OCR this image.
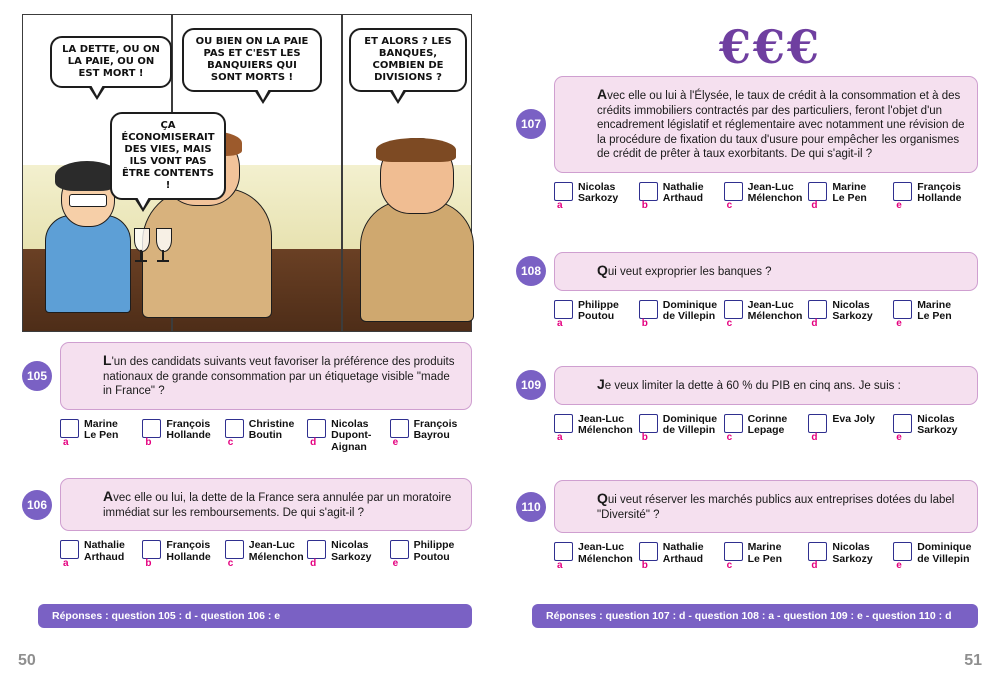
LA DETTE, OU ON LA PAIE, OU ON EST MORT !
ÇA ÉCONOMISERAIT DES VIES, MAIS ILS VONT PAS ÊTRE CONTENTS !
OU BIEN ON LA PAIE PAS ET C'EST LES BANQUIERS QUI SONT MORTS !
ET ALORS ? LES BANQUES, COMBIEN DE DIVISIONS ?
€€€
105
L'un des candidats suivants veut favoriser la préférence des produits nationaux de grande consommation par un étiquetage visible "made in France" ?
a
Marine
Le Pen
b
François
Hollande
c
Christine
Boutin
d
Nicolas
Dupont-Aignan	e
François
Bayrou
106
Avec elle ou lui, la dette de la France sera annulée par un moratoire immédiat sur les remboursements. De qui s'agit-il ?
a
Nathalie
Arthaud
b
François
Hollande
c
Jean-Luc
Mélenchon
d
Nicolas
Sarkozy
e
Philippe
Poutou
Réponses : question 105 : d - question 106 : e
50
107
Avec elle ou lui à l'Élysée, le taux de crédit à la consommation et à des crédits immobiliers contractés par des particuliers, feront l'objet d'un encadrement législatif et réglementaire avec notamment une révision de la procédure de fixation du taux d'usure pour empêcher les organismes de crédit de prêter à taux exorbitants. De qui s'agit-il ?
a
Nicolas
Sarkozy
b
Nathalie
Arthaud
c
Jean-Luc
Mélenchon
d
Marine
Le Pen
e
François
Hollande
108	Qui veut exproprier les banques ?
a
Philippe
Poutou
b
Dominique
de Villepin
c
Jean-Luc
Mélenchon
d
Nicolas
Sarkozy
e
Marine
Le Pen
109	Je veux limiter la dette à 60 % du PIB en cinq ans. Je suis :
a
Jean-Luc
Mélenchon
b
Dominique
de Villepin
c
Corinne
Lepage
d
Eva Joly
e
Nicolas
Sarkozy
110
Qui veut réserver les marchés publics aux entreprises dotées du label "Diversité" ?
a
Jean-Luc
Mélenchon
b
Nathalie
Arthaud
c
Marine
Le Pen
d
Nicolas
Sarkozy
e
Dominique
de Villepin
Réponses : question 107 : d - question 108 : a - question 109 : e - question 110 : d
51
